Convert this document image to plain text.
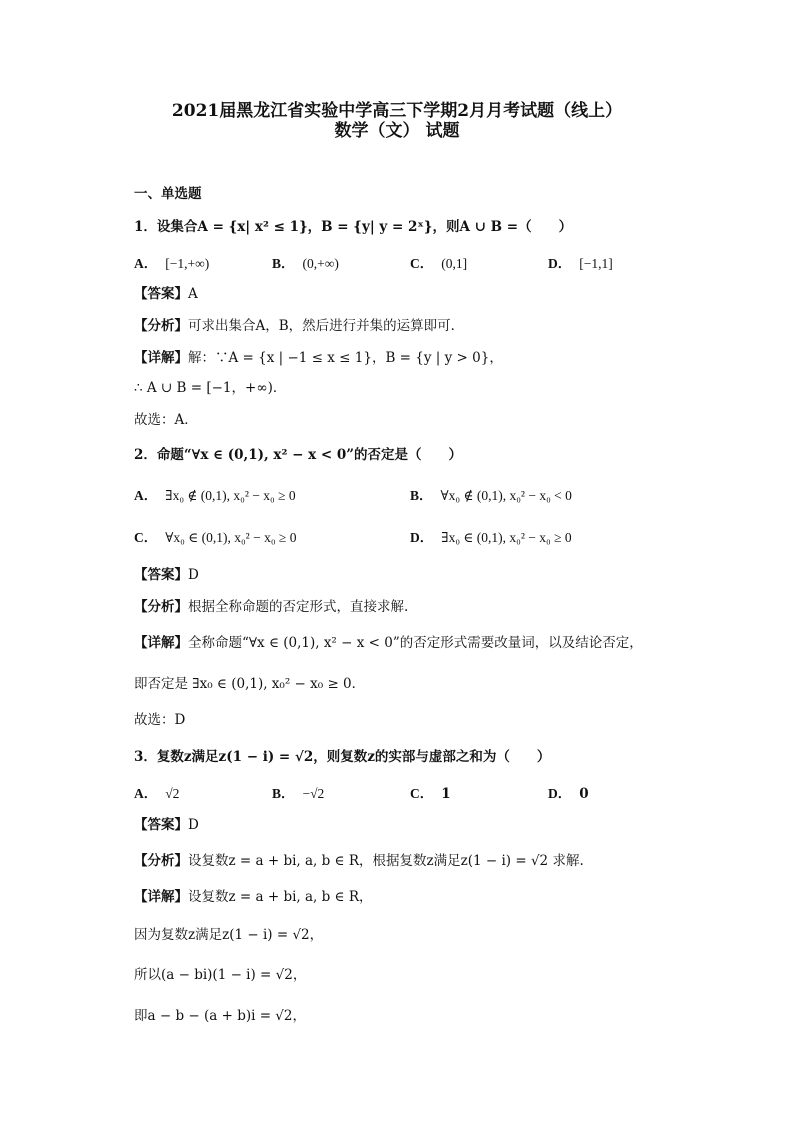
2021届黑龙江省实验中学高三下学期2月月考试题（线上）
数学（文） 试题
一、单选题
1．设集合A = {x| x² ≤ 1}，B = {y| y = 2ˣ}，则A ∪ B =（　　）
A． [−1,+∞)	B． (0,+∞)	C． (0,1]	D． [−1,1]
【答案】A
【分析】可求出集合A，B，然后进行并集的运算即可．
【详解】解：∵A = {x | −1 ≤ x ≤ 1}，B = {y | y > 0}，
∴ A ∪ B = [−1，+∞)．
故选：A．
2．命题“∀x ∈ (0,1), x² − x < 0”的否定是（　　）
A． ∃x₀ ∉ (0,1), x₀² − x₀ ≥ 0	B． ∀x₀ ∉ (0,1), x₀² − x₀ < 0
C． ∀x₀ ∈ (0,1), x₀² − x₀ ≥ 0	D． ∃x₀ ∈ (0,1), x₀² − x₀ ≥ 0
【答案】D
【分析】根据全称命题的否定形式，直接求解.
【详解】全称命题“∀x ∈ (0,1), x² − x < 0”的否定形式需要改量词，以及结论否定，
即否定是 ∃x₀ ∈ (0,1), x₀² − x₀ ≥ 0．
故选：D
3．复数z满足z(1 − i) = √2，则复数z的实部与虚部之和为（　　）
A． √2	B． −√2	C． 1	D． 0
【答案】D
【分析】设复数z = a + bi, a, b ∈ R，根据复数z满足z(1 − i) = √2 求解.
【详解】设复数z = a + bi, a, b ∈ R，
因为复数z满足z(1 − i) = √2，
所以(a − bi)(1 − i) = √2，
即a − b − (a + b)i = √2，
